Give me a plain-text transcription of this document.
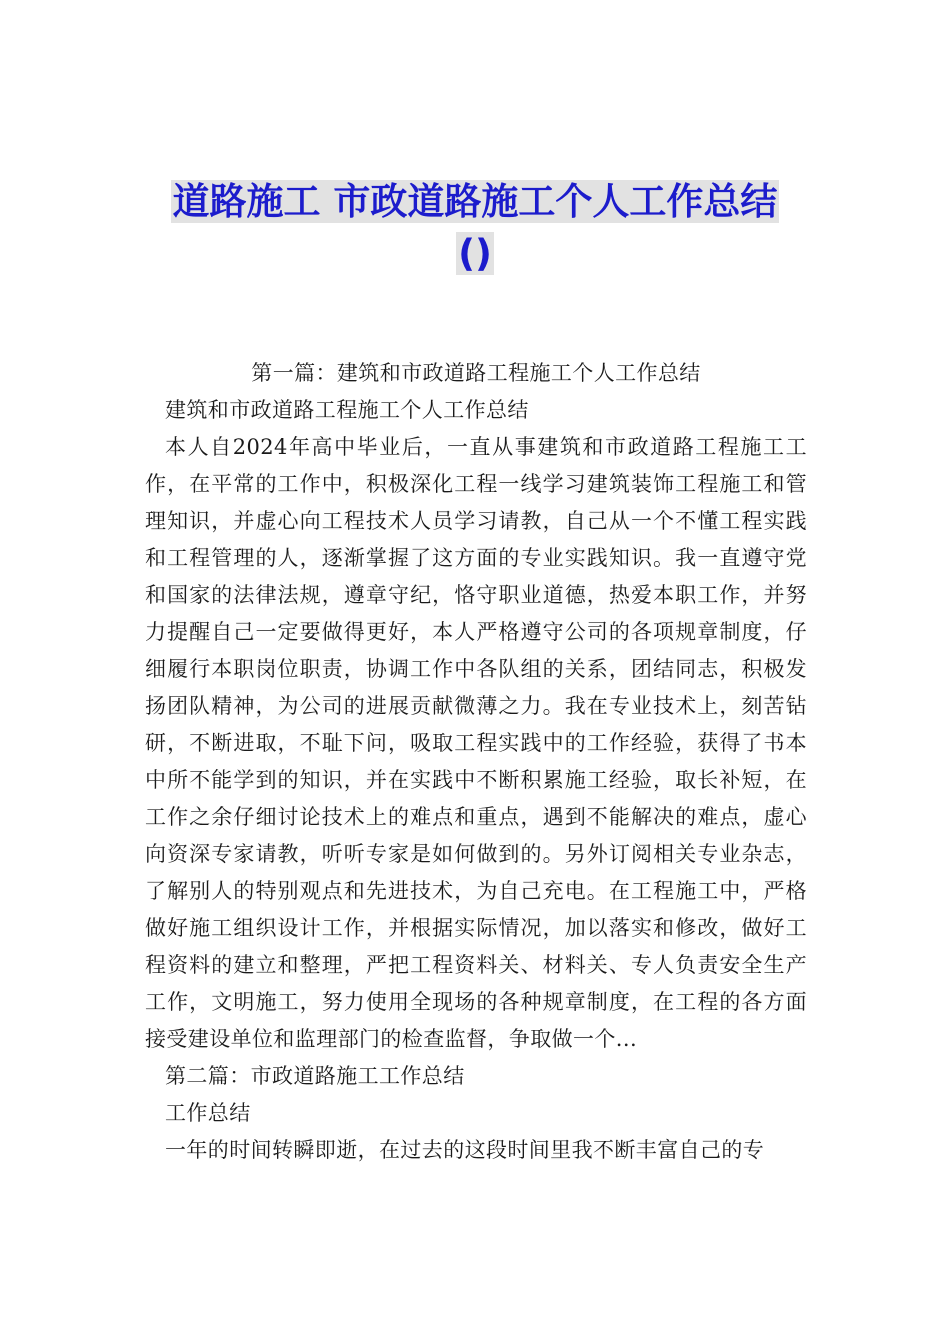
道路施工 市政道路施工个人工作总结
()

第一篇：建筑和市政道路工程施工个人工作总结

建筑和市政道路工程施工个人工作总结

本人自2024年高中毕业后，一直从事建筑和市政道路工程施工工作，在平常的工作中，积极深化工程一线学习建筑装饰工程施工和管理知识，并虚心向工程技术人员学习请教，自己从一个不懂工程实践和工程管理的人，逐渐掌握了这方面的专业实践知识。我一直遵守党和国家的法律法规，遵章守纪，恪守职业道德，热爱本职工作，并努力提醒自己一定要做得更好，本人严格遵守公司的各项规章制度，仔细履行本职岗位职责，协调工作中各队组的关系，团结同志，积极发扬团队精神，为公司的进展贡献微薄之力。我在专业技术上，刻苦钻研，不断进取，不耻下问，吸取工程实践中的工作经验，获得了书本中所不能学到的知识，并在实践中不断积累施工经验，取长补短，在工作之余仔细讨论技术上的难点和重点，遇到不能解决的难点，虚心向资深专家请教，听听专家是如何做到的。另外订阅相关专业杂志，了解别人的特别观点和先进技术，为自己充电。在工程施工中，严格做好施工组织设计工作，并根据实际情况，加以落实和修改，做好工程资料的建立和整理，严把工程资料关、材料关、专人负责安全生产工作，文明施工，努力使用全现场的各种规章制度，在工程的各方面接受建设单位和监理部门的检查监督，争取做一个...

第二篇：市政道路施工工作总结

工作总结

一年的时间转瞬即逝，在过去的这段时间里我不断丰富自己的专
